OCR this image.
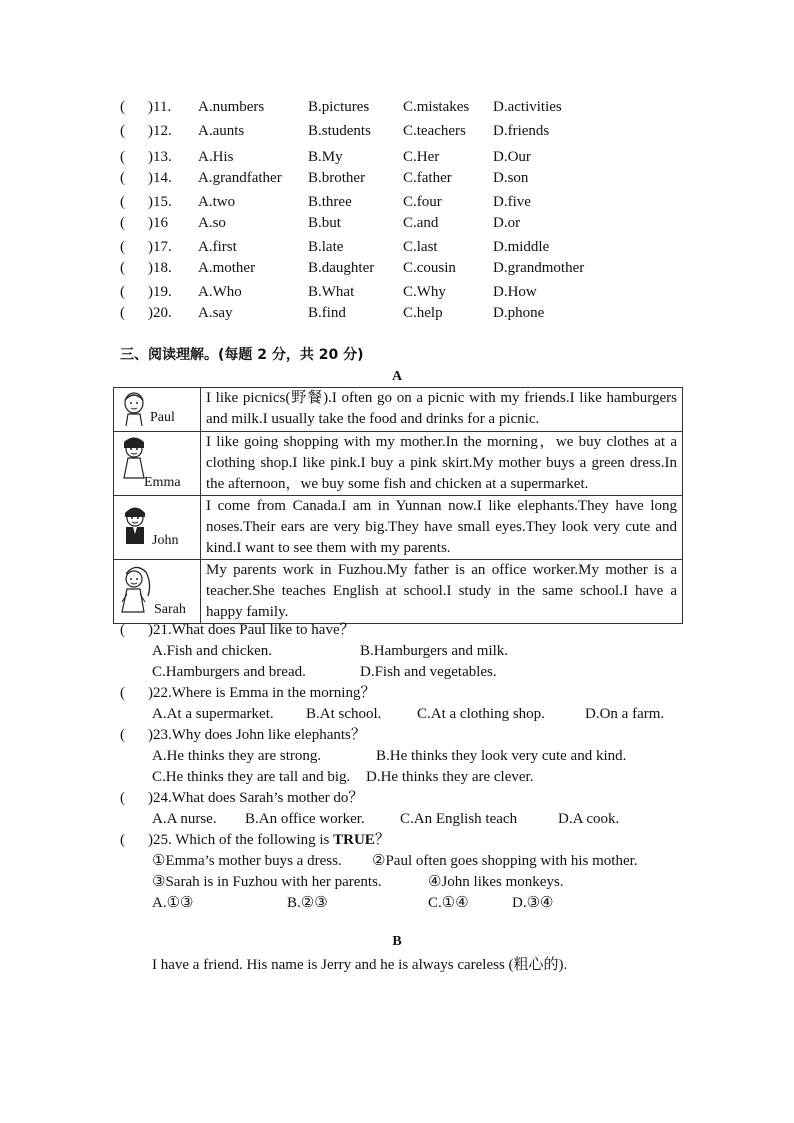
( )11. A.numbers	B.pictures C.mistakes D.activities
( )12. A.aunts	B.students C.teachers D.friends
( )13. A.His	B.My	C.Her	D.Our
( )14. A.grandfather B.brother	C.father	D.son
( )15. A.two	B.three	C.four	D.five
( )16 A.so	B.but	C.and	D.or
( )17. A.first	B.late	C.last	D.middle
( )18. A.mother	B.daughter C.cousin D.grandmother
( )19. A.Who	B.What	C.Why	D.How
( )20. A.say	B.find	C.help	D.phone
三、阅读理解。(每题 2 分，共 20 分)
A
Paul	I like picnics(野餐).I often go on a picnic with my friends.I like hamburgers and milk.I usually take the food and drinks for a picnic.

Emma	I like going shopping with my mother.In the morning，we buy clothes at a clothing shop.I like pink.I buy a pink skirt.My mother buys a green dress.In the afternoon，we buy some fish and chicken at a supermarket.

John	I come from Canada.I am in Yunnan now.I like elephants.They have long noses.Their ears are very big.They have small eyes.They look very cute and kind.I want to see them with my parents.

Sarah	My parents work in Fuzhou.My father is an office worker.My mother is a teacher.She teaches English at school.I study in the same school.I have a happy family.
( )21.What does Paul like to have？
A.Fish and chicken.	B.Hamburgers and milk.
C.Hamburgers and bread.	D.Fish and vegetables.
( )22.Where is Emma in the morning？
A.At a supermarket. B.At school. C.At a clothing shop.	D.On a farm.
( )23.Why does John like elephants？
A.He thinks they are strong.	B.He thinks they look very cute and kind.
C.He thinks they are tall and big. D.He thinks they are clever.
( )24.What does Sarah’s mother do？
A.A nurse. B.An office worker. C.An English teach	D.A cook.
( )25. Which of the following is TRUE？
①Emma’s mother buys a dress. ②Paul often goes shopping with his mother.
③Sarah is in Fuzhou with her parents.	④John likes monkeys.
A.①③	B.②③	C.①④	D.③④
B
I have a friend. His name is Jerry and he is always careless (粗心的).
